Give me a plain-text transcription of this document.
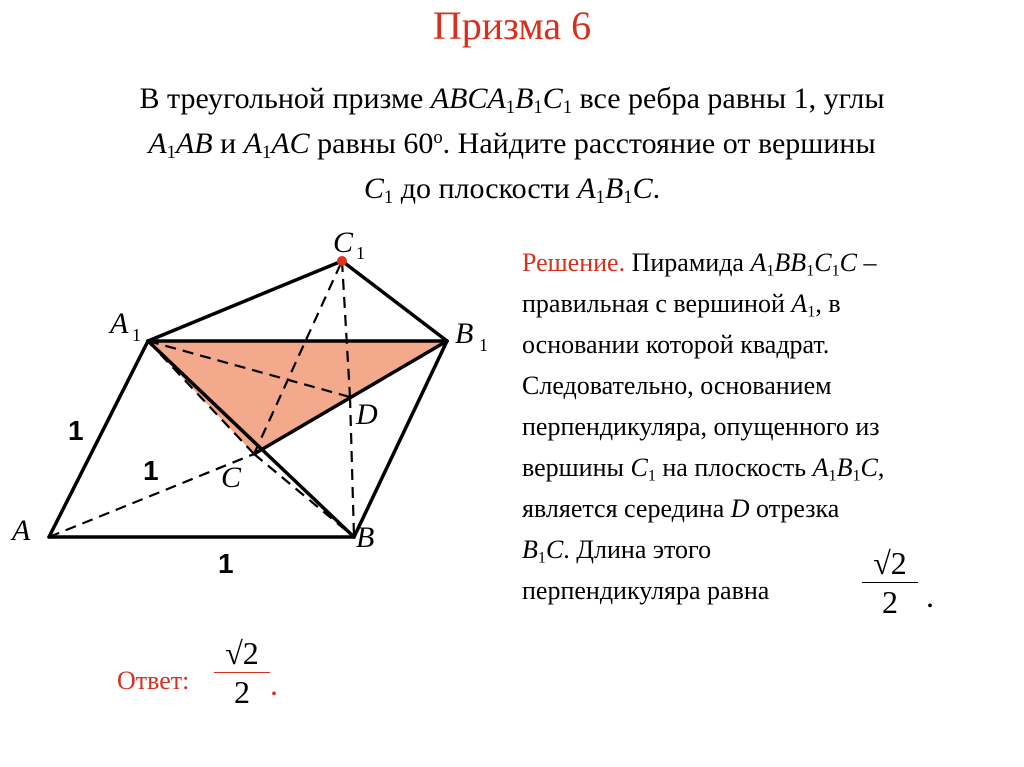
Призма 6
В треугольной призме $ABCA_1B_1C_1$ все ребра равны 1, углы
$A_1AB$ и $A_1AC$ равны 60$^o$. Найдите расстояние от вершины
$C_1$ до плоскости $A_1B_1C$.
C 1
A 1	B 1
D
C
A	B
1
1
1
Решение. Пирамида $A_1BB_1C_1C$ –
правильная с вершиной $A_1$, в
основании которой квадрат.
Следовательно, основанием
перпендикуляра, опущенного из
вершины $C_1$ на плоскость $A_1B_1C$,
является середина D отрезка
$B_1C$. Длина этого
перпендикуляра равна
√2
2 .
Ответ:
√2
2 .
